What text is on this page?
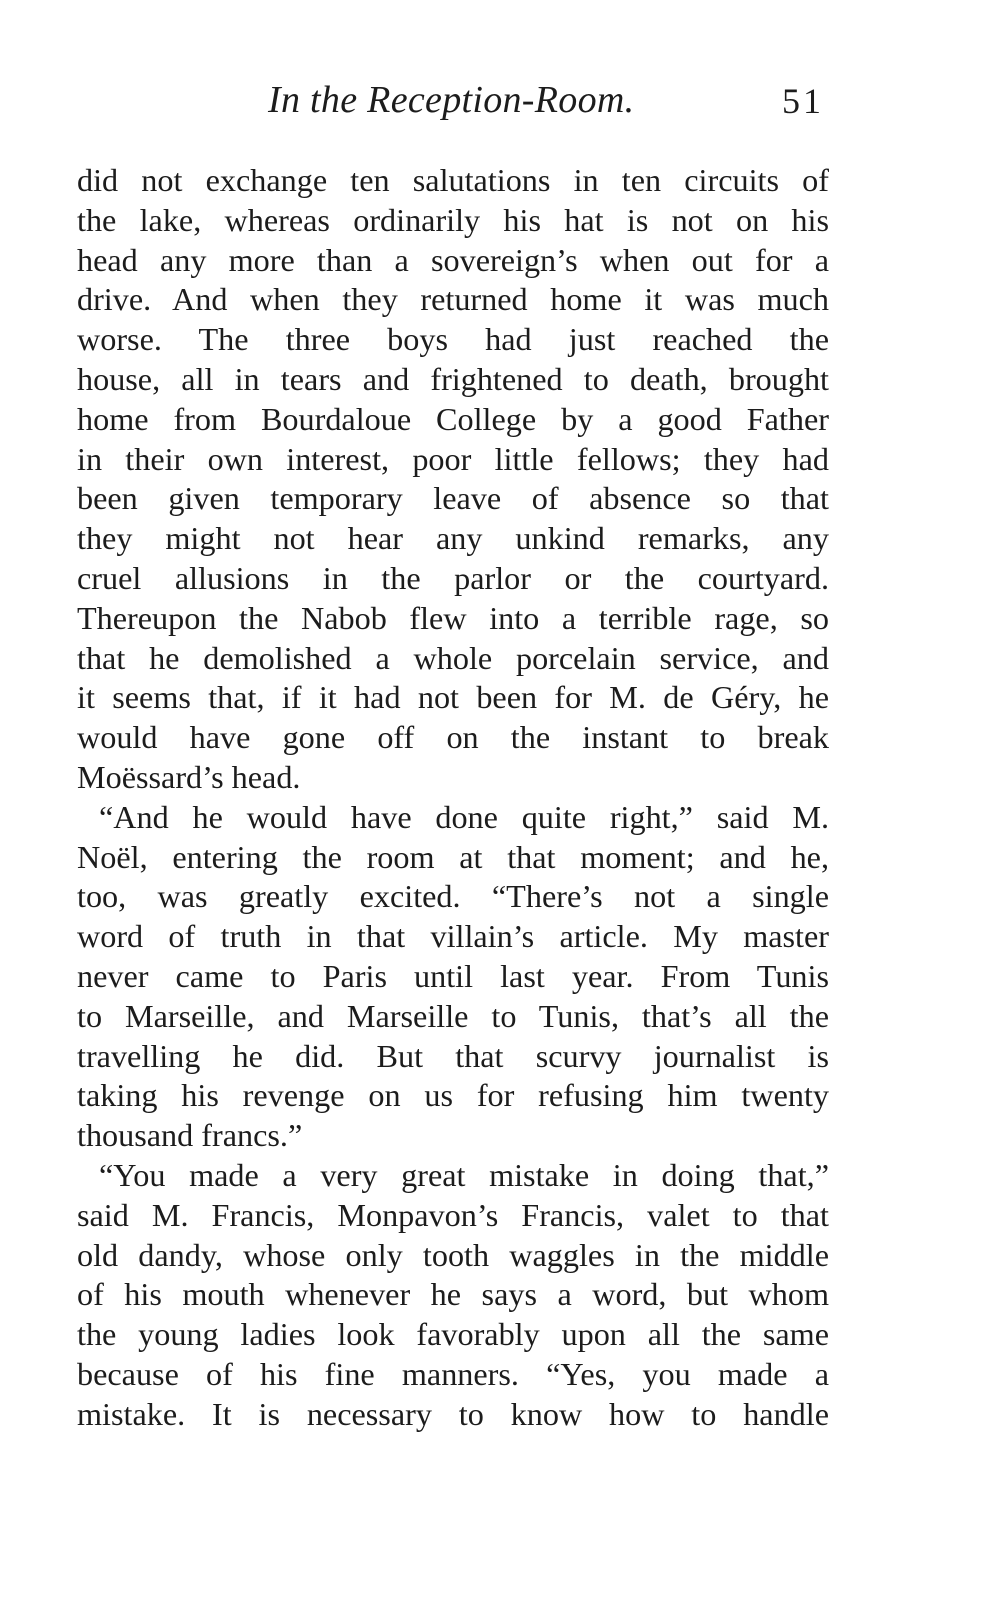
In the Reception-Room.	51
did not exchange ten salutations in ten circuits of
the lake, whereas ordinarily his hat is not on his
head any more than a sovereign’s when out for a
drive. And when they returned home it was much
worse. The three boys had just reached the
house, all in tears and frightened to death, brought
home from Bourdaloue College by a good Father
in their own interest, poor little fellows; they had
been given temporary leave of absence so that
they might not hear any unkind remarks, any
cruel allusions in the parlor or the courtyard.
Thereupon the Nabob flew into a terrible rage, so
that he demolished a whole porcelain service, and
it seems that, if it had not been for M. de Géry, he
would have gone off on the instant to break
Moëssard’s head.
“And he would have done quite right,” said M.
Noël, entering the room at that moment; and he,
too, was greatly excited. “There’s not a single
word of truth in that villain’s article. My master
never came to Paris until last year. From Tunis
to Marseille, and Marseille to Tunis, that’s all the
travelling he did. But that scurvy journalist is
taking his revenge on us for refusing him twenty
thousand francs.”
“You made a very great mistake in doing that,”
said M. Francis, Monpavon’s Francis, valet to that
old dandy, whose only tooth waggles in the middle
of his mouth whenever he says a word, but whom
the young ladies look favorably upon all the same
because of his fine manners. “Yes, you made a
mistake. It is necessary to know how to handle
